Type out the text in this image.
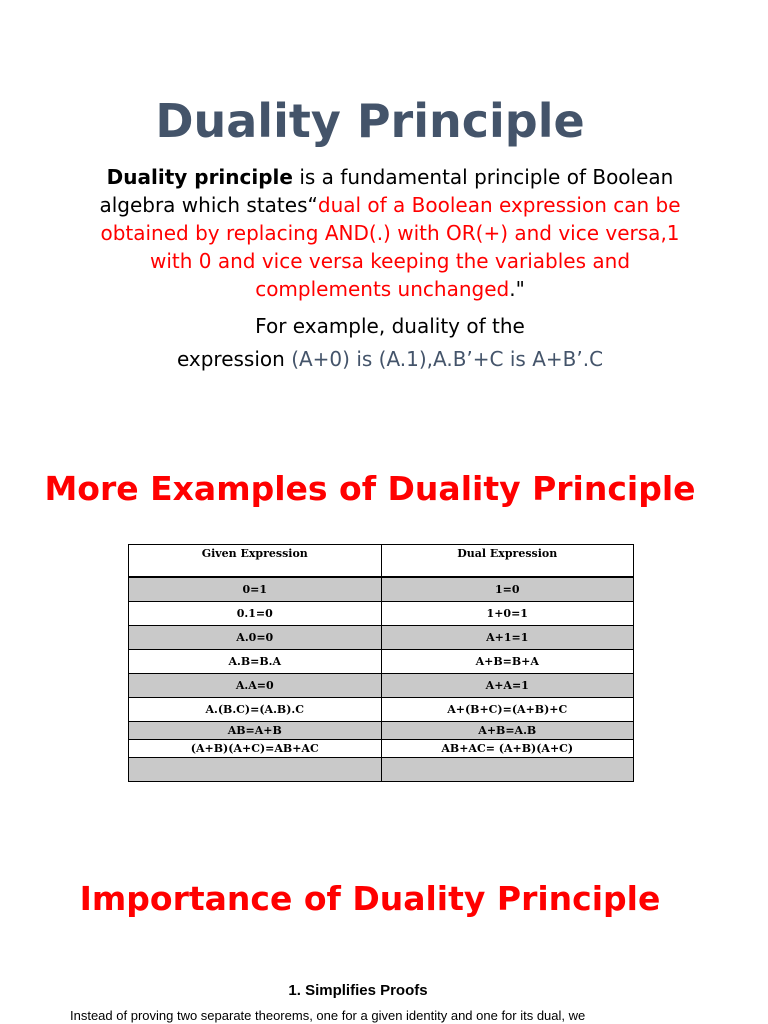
Duality Principle
Duality principle is a fundamental principle of Boolean algebra which states“dual of a Boolean expression can be obtained by replacing AND(.) with OR(+) and vice versa,1 with 0 and vice versa keeping the variables and complements unchanged."
For example, duality of the
expression (A+0) is (A.1),A.B’+C is A+B’.C
More Examples of Duality Principle
Given Expression	Dual Expression
0=1	1=0
0.1=0	1+0=1
A.0=0	A+1=1
A.B=B.A	A+B=B+A
A.A=0	A+A=1
A.(B.C)=(A.B).C	A+(B+C)=(A+B)+C
AB=A+B	A+B=A.B
(A+B)(A+C)=AB+AC	AB+AC= (A+B)(A+C)

Importance of Duality Principle
1. Simplifies Proofs
Instead of proving two separate theorems, one for a given identity and one for its dual, we
